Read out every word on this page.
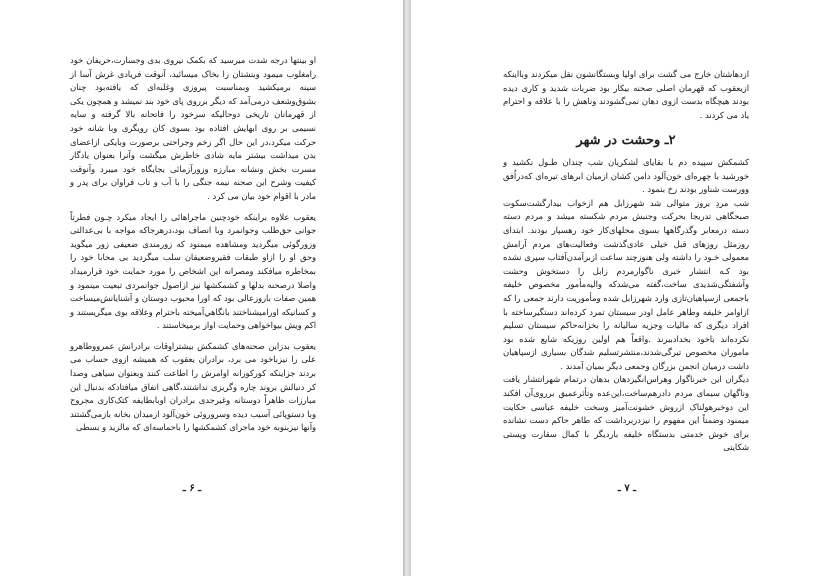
او بینتها درجه شدت میرسید که بکمک نیروی بدی وجسارت،حریفان خود رامغلوب میمود وبنشتان را بخاک میسائید، آنوقت فریادی غرش آسا از سینه برمیکشید وبمناسبت پیروزی وغلبه‌ای که یافته‌بود چنان بشوق‌وشعف درمی‌آمد که دیگر برروی پای خود بند نمیشد و همچون یکی از قهرمانان تاریخی دوحالیکه سرخود را فاتحانه بالا گرفته و سایه نسیمی بر روی ابهایش افتاده بود بسوی کان رویگری وبا شانه خود حرکت میکرد،در این حال اگر زخم وجراحتی برصورت وبایکی ازاعضای بدن میداشت بیشتر مایه شادی خاطرش میگشت وآنرا بعنوان یادگار مسرت بخش ونشانه مبارزه وزورآزمائی بجایگاه خود میبرد وآنوقت کیفیت وشرح این صحنه نیمه جنگی را با آب و تاب فراوان برای پدر و مادر با اقوام خود بیان می کرد .

یعقوب علاوه براینکه خودچنین ماجراهائی را ایجاد میکرد چـون فطرتاً جوانی حق‌طلب وجوانمرد وبا انصاف بود،درهرجاکه مواجه با بی‌عدالتی وزورگوئی میگردید ومشاهده میمنود که زورمندی ضعیفی زور میگوید وحق او را ازاو طبقات فقیروضعیفان سلب میگردید بی محابا خود را بمخاطره میافکند ومصرانه این اشخاص را مورد حمایت خود قرارمیداد واصلا درصحنه بدلها و کشمکشها نیز ازاصول جوانمردی تبعیت مینمود و همین صفات باروزعالی بود که اورا محبوب دوستان و آشنایانش‌میساخت و کسانیکه اوراميشناختند بانگاهي‌آميخته باحترام وعلاقه بوی میگریستند و اکم ویش بیواخواهی وحمایت اواز برمیخاستند .

یعقوب بدزاین صحنه‌های کشمکش بیشتراوقات برادرانش عمرووطاهرو علی را نیزباخود می برد، برادران یعقوب که همیشه ازوی حساب می بردند جزاینکه کورکورانه اوامرش را اطاعت کنند وبعنوان سیاهی وصدا کر دنبالش بروند چاره وگریزی نداشتند،گاهی اتفاق میافتادکه بدنبال این مبارزات ظاهراً دوستانه وغیرجدی برادران اوبابطایفه کتک‌کاری مجروح وبا دستوپائی آسیب دیده وسروروئی خون‌آلود ازمیدان بخانه بازمی‌گشتند وآنها نیزبنوبه خود ماجرای کشمکشها را باحماسه‌ای که مالزید و بسطی

ـ ۶ ـ

ازدهاشتان خارج می گشت برای اولیا وبستگانشون نقل میکردند وبااینکه ازیعقوب که قهرمان اصلی صحنه بیکار بود ضربات شدید و کاری دیده بودند هیچگاه بدست ازوی دهان نمی‌گشودند وناهش را با علاقه و احترام یاد می کردند .

۲ـ وحشت در شهر

کشمکش سپیده دم با بقایای لشکریان شب چندان طـول نکشید و خورشید با چهره‌ای خون‌آلود دامن کشان ازمیان ابرهای تیره‌ای که‌دراُفق وورست شناور بودند رخ بنمود .

شب مردِ بروز متوالی شد شهرزابل هم ازخواب بیدارگشت‌سکوت صبحگاهی تدریجا بحرکت وجنبش مردم شکسته میشد و مردم دسته دسته درمعابر وگذرگاهها بسوی محلهای‌کار خود رهسپار بودند. ابتدای روزمثل روزهای قبل خیلی عادی‌گذشت وفعالیت‌های مردم آرامش معمولی خـود را داشته ولی هنوزچند ساعت ازبرآمدن‌آفتاب سپری نشده بود کـه انتشار خبری ناگوارمردم زابل را دستخوش وحشت وآشفتگی‌شدیدی ساخت،گفته می‌شدکه والیه‌مأمور مخصوص خلیفه باجمعی ازسپاهیان‌تازی وارد شهرزابل شده ومأموریت دارند جمعی را که ازاوامر خلیفه وطاهر عامل اودر سیستان تمرد کرده‌اند دستگیرساخته با افراد دیگری که مالیات وجزیه سالیانه را بخزانه‌حاکم سیستان تسلیم نکرده‌اند باخود بخداد‌ببرند .واقعاً هم اولین روزیکه شایع شده بود ماموران مخصوص تیرگی‌شدند،منتشرتسلیم شدگان بسیاری ازسپاهیان داشت درمیان انجمن بزرگان وجمعی دیگر بمیان آمدند .

دیگران این خبرناگوار وهراس‌انگیزدهان بدهان درتمام شهرانتشار یافت وناگهان سیمای مردم دادرهم‌ساخت،این‌عده وتأثرعمیق برروی‌آن افکند این دوخبرهولناک ازروش خشونت‌آمیز وسخت خلیفه عباسی حکایت میمنود وضمناً این مفهوم را نیزدربرداشت که طاهر حاکم دست نشانده برای خوش خدمتی بدستگاه خلیفه باردیگر با کمال سقارت وپستی شکایتی

ـ ۷ ـ
